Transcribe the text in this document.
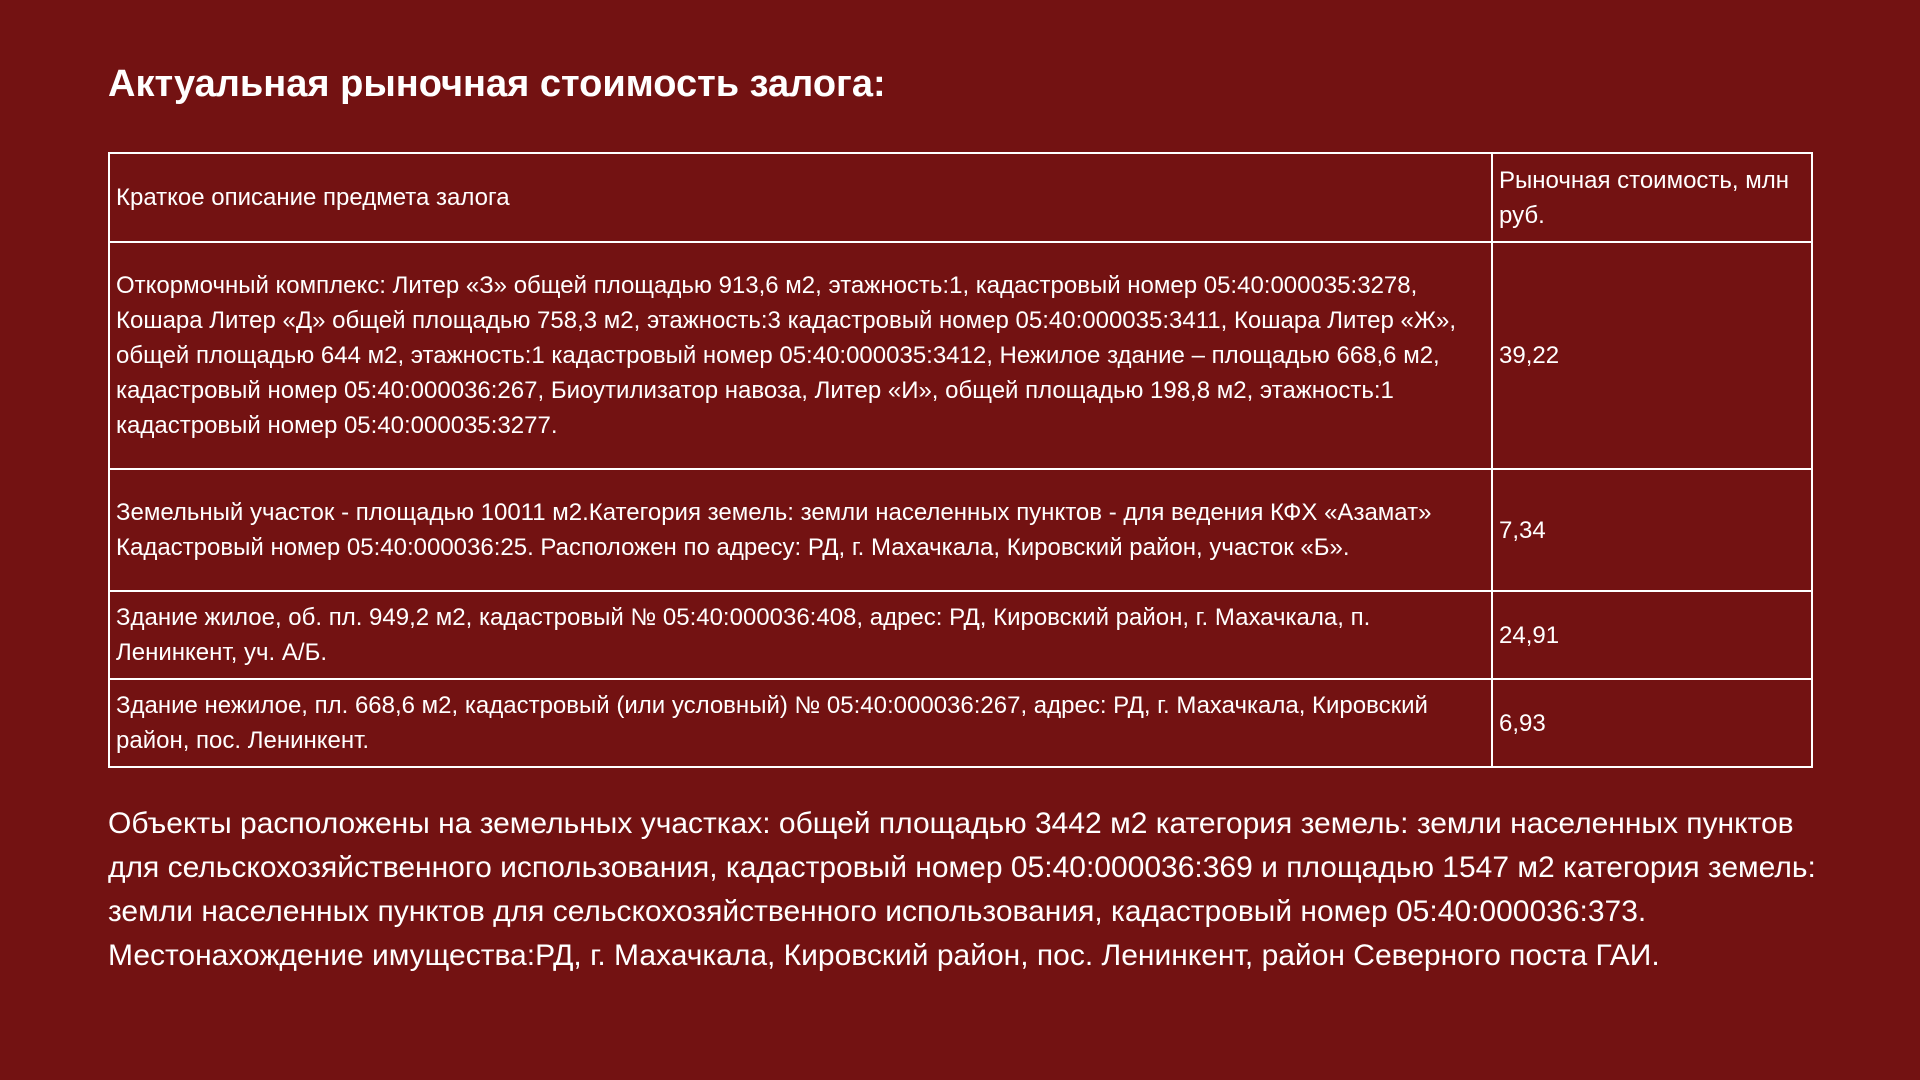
Актуальная рыночная стоимость залога:
Краткое описание предмета залога	Рыночная стоимость, млн руб.
Откормочный комплекс: Литер «З» общей площадью 913,6 м2, этажность:1, кадастровый номер 05:40:000035:3278, Кошара Литер «Д» общей площадью 758,3 м2, этажность:3 кадастровый номер 05:40:000035:3411, Кошара Литер «Ж», общей площадью 644 м2, этажность:1 кадастровый номер 05:40:000035:3412, Нежилое здание – площадью 668,6 м2, кадастровый номер 05:40:000036:267, Биоутилизатор навоза, Литер «И», общей площадью 198,8 м2, этажность:1 кадастровый номер 05:40:000035:3277.	39,22
Земельный участок - площадью 10011 м2.Категория земель: земли населенных пунктов - для ведения КФХ «Азамат» Кадастровый номер 05:40:000036:25. Расположен по адресу: РД, г. Махачкала, Кировский район, участок «Б».	7,34
Здание жилое, об. пл. 949,2 м2, кадастровый № 05:40:000036:408, адрес: РД, Кировский район, г. Махачкала, п. Ленинкент, уч. А/Б.	24,91
Здание нежилое, пл. 668,6 м2, кадастровый (или условный) № 05:40:000036:267, адрес: РД, г. Махачкала, Кировский район, пос. Ленинкент.	6,93

Объекты расположены на земельных участках: общей площадью 3442 м2 категория земель: земли населенных пунктов для сельскохозяйственного использования, кадастровый номер 05:40:000036:369 и площадью 1547 м2 категория земель: земли населенных пунктов для сельскохозяйственного использования, кадастровый номер 05:40:000036:373.

Местонахождение имущества:РД, г. Махачкала, Кировский район, пос. Ленинкент, район Северного поста ГАИ.
